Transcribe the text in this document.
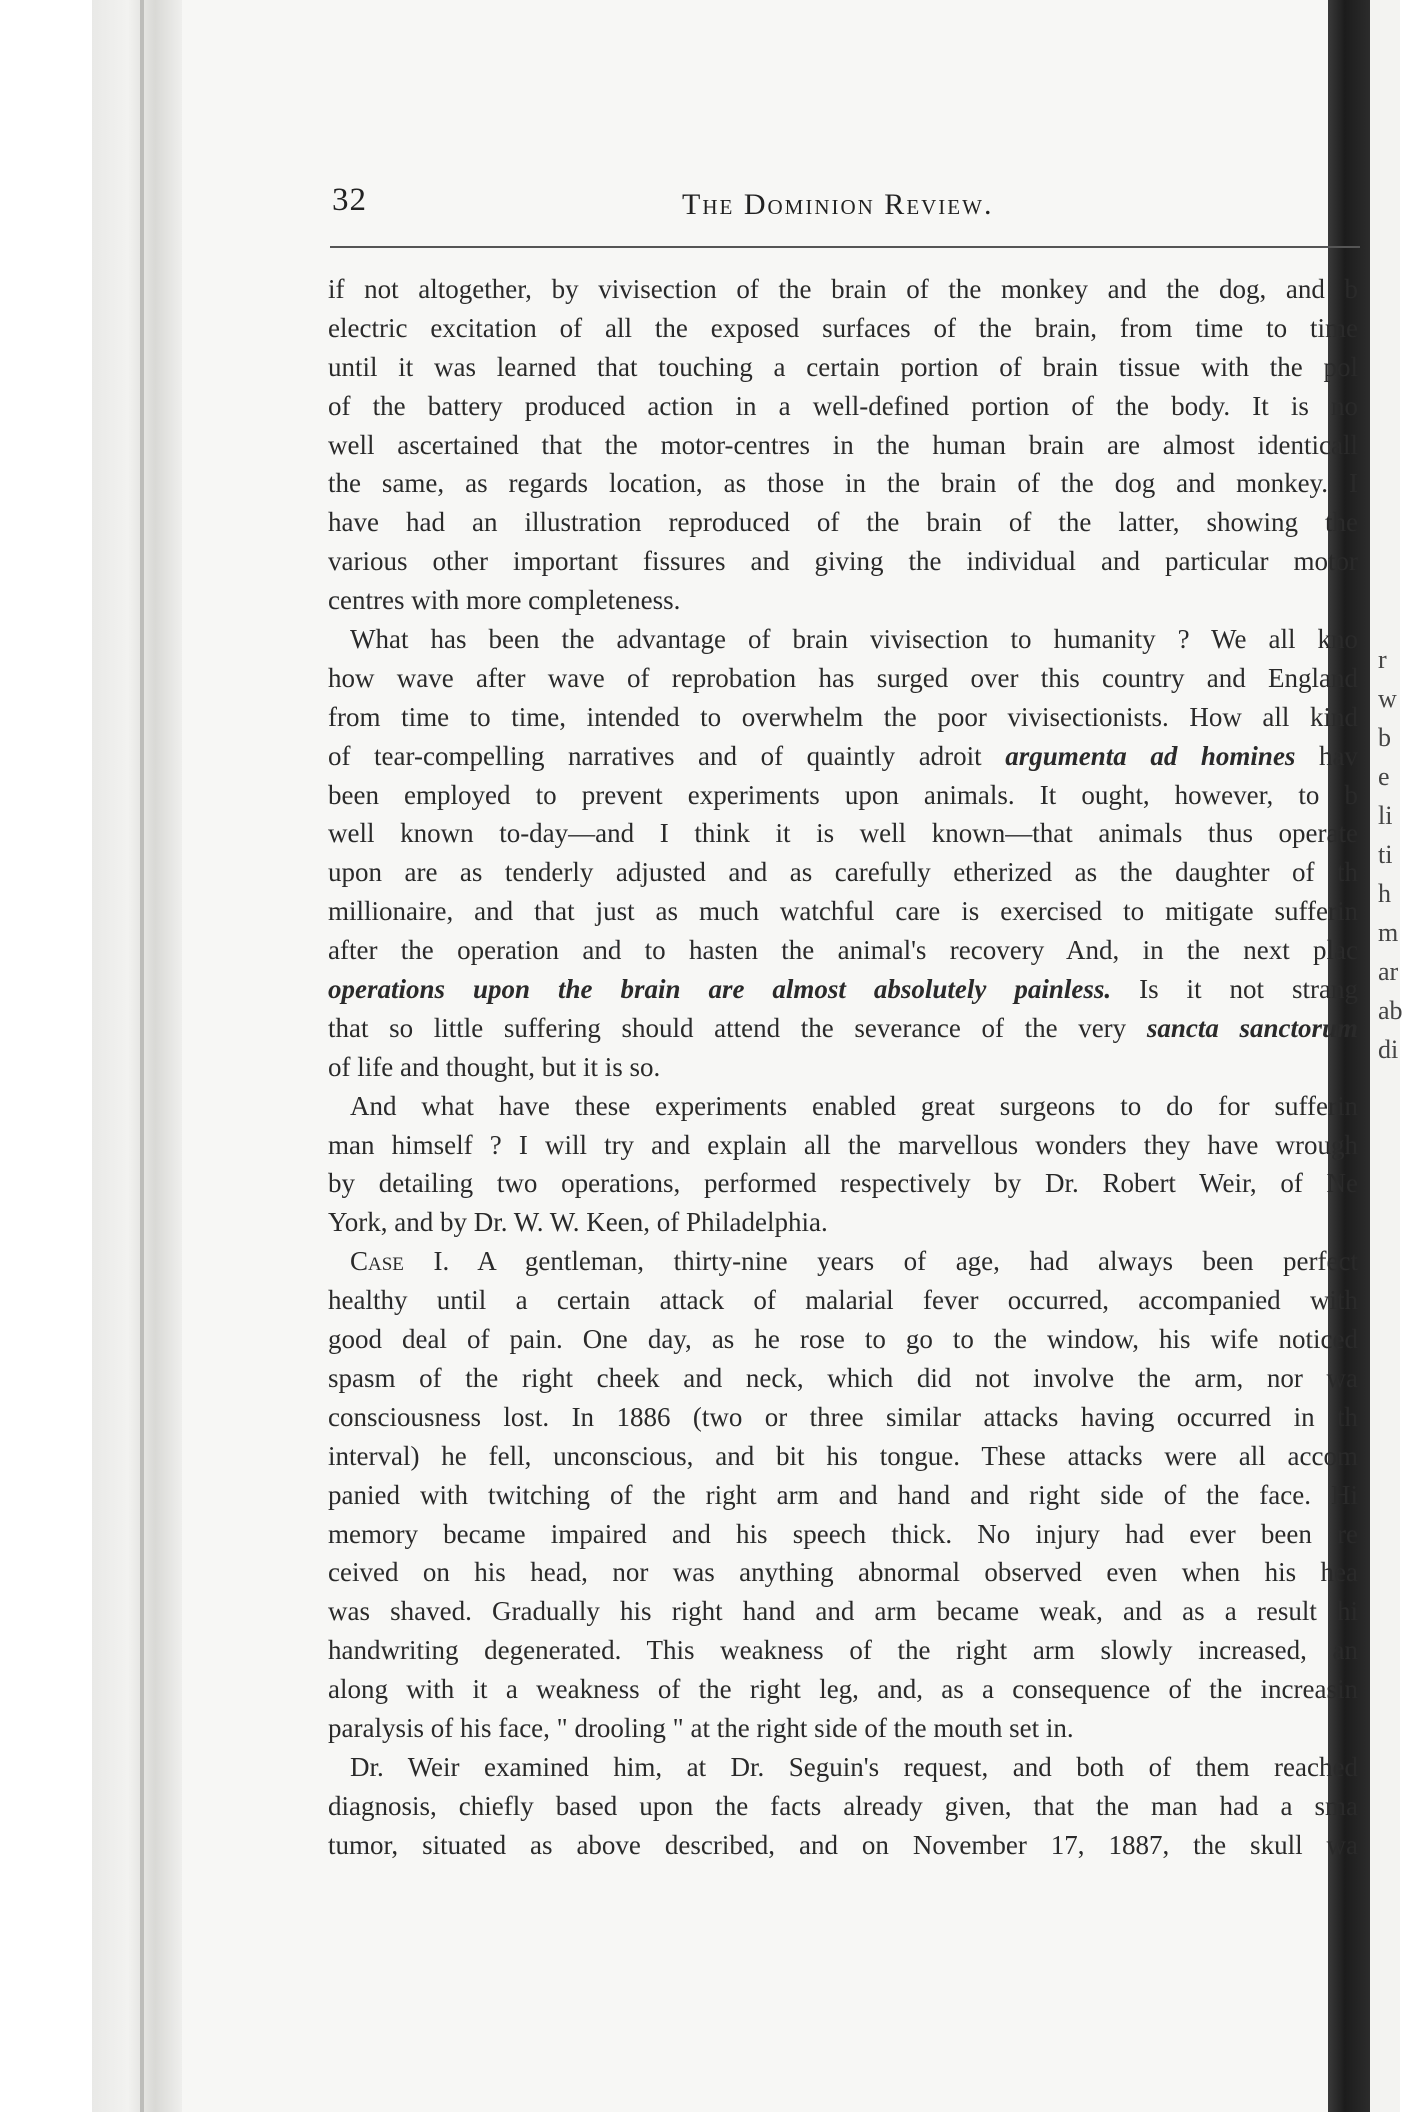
r
w
b
e
li
ti
h
m
ar
ab
di
32	The Dominion Review.
if not altogether, by vivisection of the brain of the monkey and the dog, and b
electric excitation of all the exposed surfaces of the brain, from time to time
until it was learned that touching a certain portion of brain tissue with the pol
of the battery produced action in a well-defined portion of the body. It is no
well ascertained that the motor-centres in the human brain are almost identicall
the same, as regards location, as those in the brain of the dog and monkey. I
have had an illustration reproduced of the brain of the latter, showing the
various other important fissures and giving the individual and particular motor
centres with more completeness.
What has been the advantage of brain vivisection to humanity ? We all kno
how wave after wave of reprobation has surged over this country and England
from time to time, intended to overwhelm the poor vivisectionists. How all kind
of tear-compelling narratives and of quaintly adroit argumenta ad homines hav
been employed to prevent experiments upon animals. It ought, however, to b
well known to-day—and I think it is well known—that animals thus operate
upon are as tenderly adjusted and as carefully etherized as the daughter of th
millionaire, and that just as much watchful care is exercised to mitigate sufferin
after the operation and to hasten the animal's recovery And, in the next plac
operations upon the brain are almost absolutely painless. Is it not strang
that so little suffering should attend the severance of the very sancta sanctorum
of life and thought, but it is so.
And what have these experiments enabled great surgeons to do for sufferin
man himself ? I will try and explain all the marvellous wonders they have wrough
by detailing two operations, performed respectively by Dr. Robert Weir, of Ne
York, and by Dr. W. W. Keen, of Philadelphia.
Case I. A gentleman, thirty-nine years of age, had always been perfect
healthy until a certain attack of malarial fever occurred, accompanied with
good deal of pain. One day, as he rose to go to the window, his wife noticed
spasm of the right cheek and neck, which did not involve the arm, nor wa
consciousness lost. In 1886 (two or three similar attacks having occurred in th
interval) he fell, unconscious, and bit his tongue. These attacks were all accom
panied with twitching of the right arm and hand and right side of the face. Hi
memory became impaired and his speech thick. No injury had ever been re
ceived on his head, nor was anything abnormal observed even when his hea
was shaved. Gradually his right hand and arm became weak, and as a result hi
handwriting degenerated. This weakness of the right arm slowly increased, an
along with it a weakness of the right leg, and, as a consequence of the increasin
paralysis of his face, " drooling " at the right side of the mouth set in.
Dr. Weir examined him, at Dr. Seguin's request, and both of them reached
diagnosis, chiefly based upon the facts already given, that the man had a sma
tumor, situated as above described, and on November 17, 1887, the skull wa
